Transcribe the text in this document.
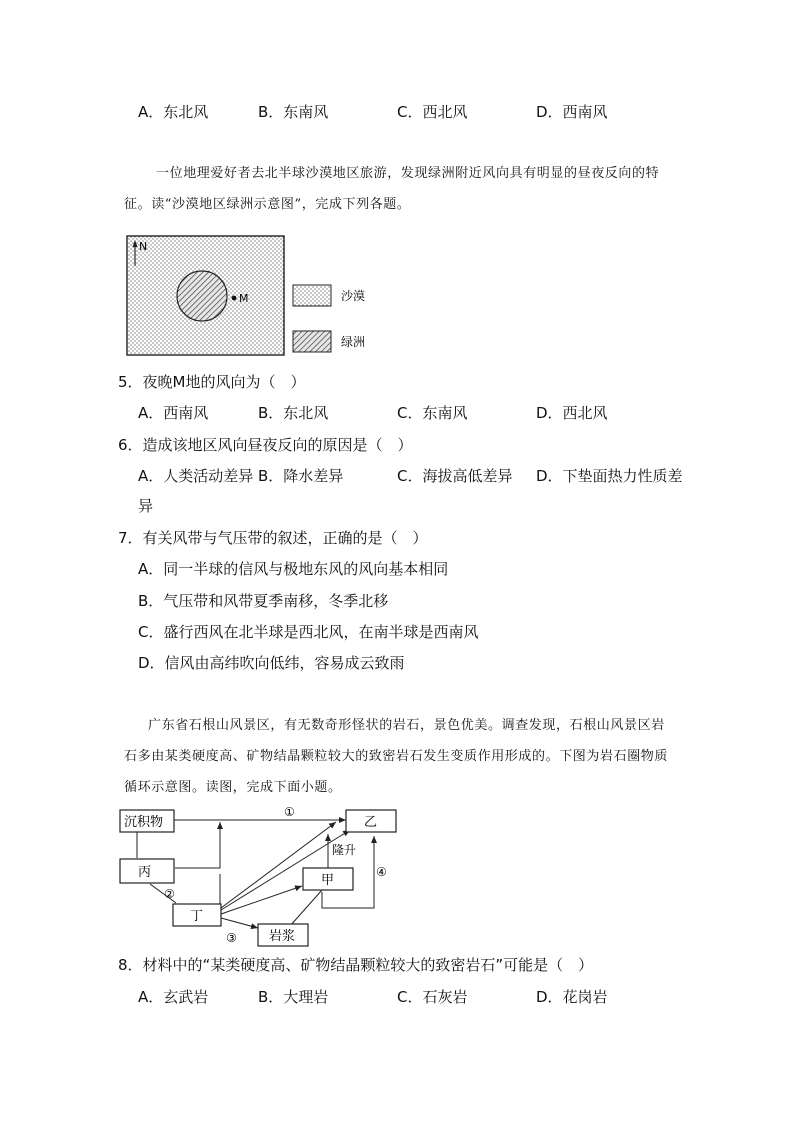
A．东北风	B．东南风	C．西北风	D．西南风
一位地理爱好者去北半球沙漠地区旅游，发现绿洲附近风向具有明显的昼夜反向的特
征。读“沙漠地区绿洲示意图”，完成下列各题。
N
M	沙漠
绿洲
5．夜晚M地的风向为（　）
A．西南风	B．东北风	C．东南风	D．西北风
6．造成该地区风向昼夜反向的原因是（　）
A．人类活动差异 B．降水差异	C．海拔高低差异 D．下垫面热力性质差
异
7．有关风带与气压带的叙述，正确的是（　）
A．同一半球的信风与极地东风的风向基本相同
B．气压带和风带夏季南移，冬季北移
C．盛行西风在北半球是西北风，在南半球是西南风
D．信风由高纬吹向低纬，容易成云致雨
广东省石根山风景区，有无数奇形怪状的岩石，景色优美。调查发现，石根山风景区岩
石多由某类硬度高、矿物结晶颗粒较大的致密岩石发生变质作用形成的。下图为岩石圈物质
循环示意图。读图，完成下面小题。
沉积物	乙
丙
甲
丁
岩浆
隆升
①
②
③
④
8．材料中的“某类硬度高、矿物结晶颗粒较大的致密岩石”可能是（　）
A．玄武岩	B．大理岩	C．石灰岩	D．花岗岩
